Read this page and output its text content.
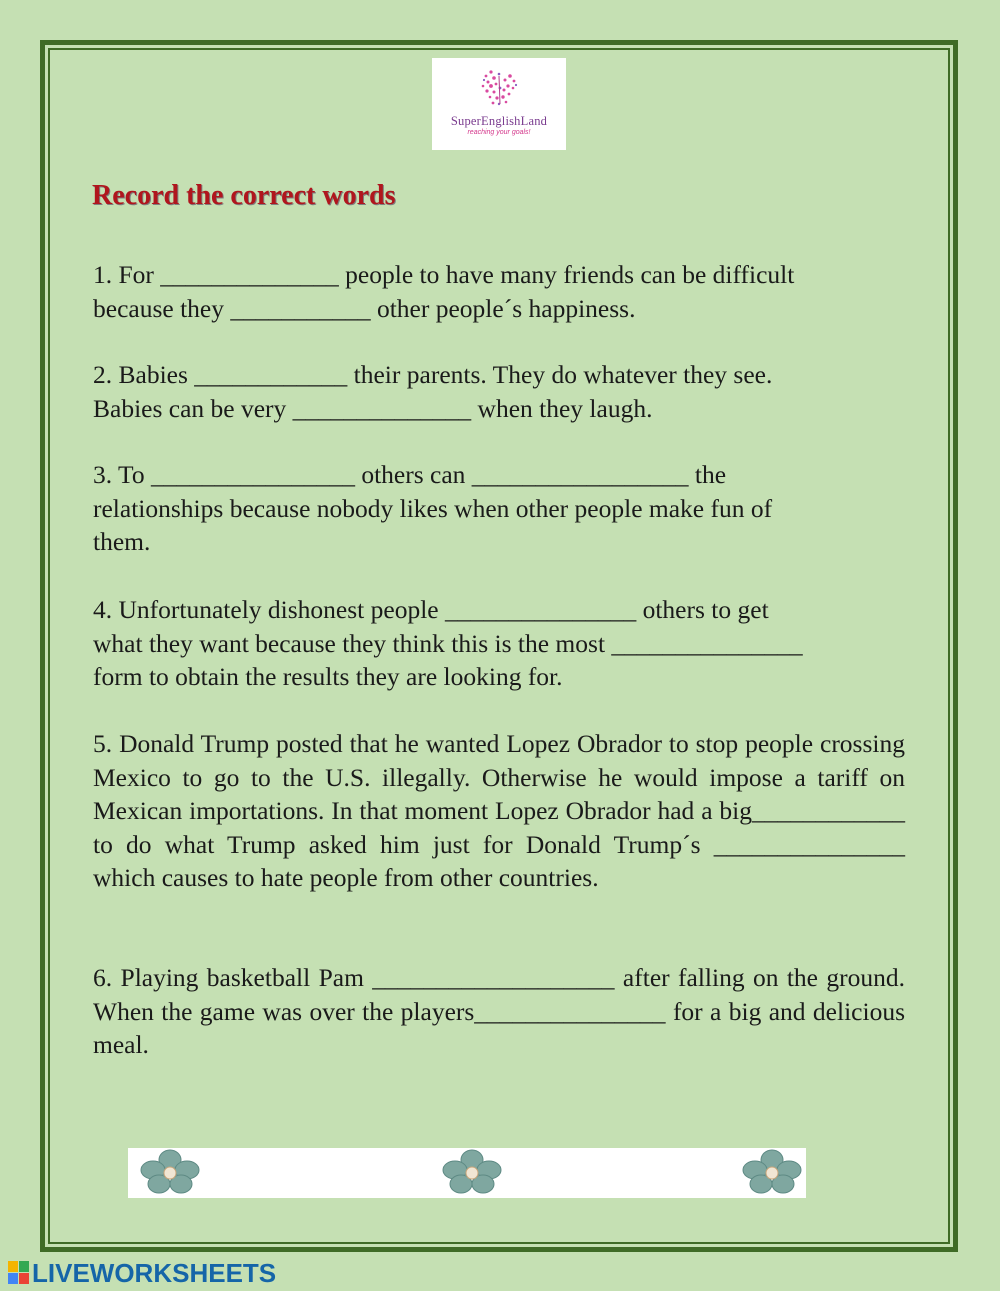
SuperEnglishLand
reaching your goals!
Record the correct words

1. For ______________ people to have many friends can be difficult
because they ___________ other people´s happiness.

2. Babies ____________ their parents. They do whatever they see.
Babies can be very ______________ when they laugh.

3. To ________________ others can _________________ the
relationships because nobody likes when other people make fun of
them.

4. Unfortunately dishonest people _______________ others to get
what they want because they think this is the most _______________
form to obtain the results they are looking for.

5. Donald Trump posted that he wanted Lopez Obrador to stop people crossing Mexico to go to the U.S. illegally. Otherwise he would impose a tariff on Mexican importations. In that moment Lopez Obrador had a big____________ to do what Trump asked him just for Donald Trump´s _______________ which causes to hate people from other countries.

6. Playing basketball Pam ___________________ after falling on the ground. When the game was over the players_______________ for a big and delicious meal.

LIVEWORKSHEETS
